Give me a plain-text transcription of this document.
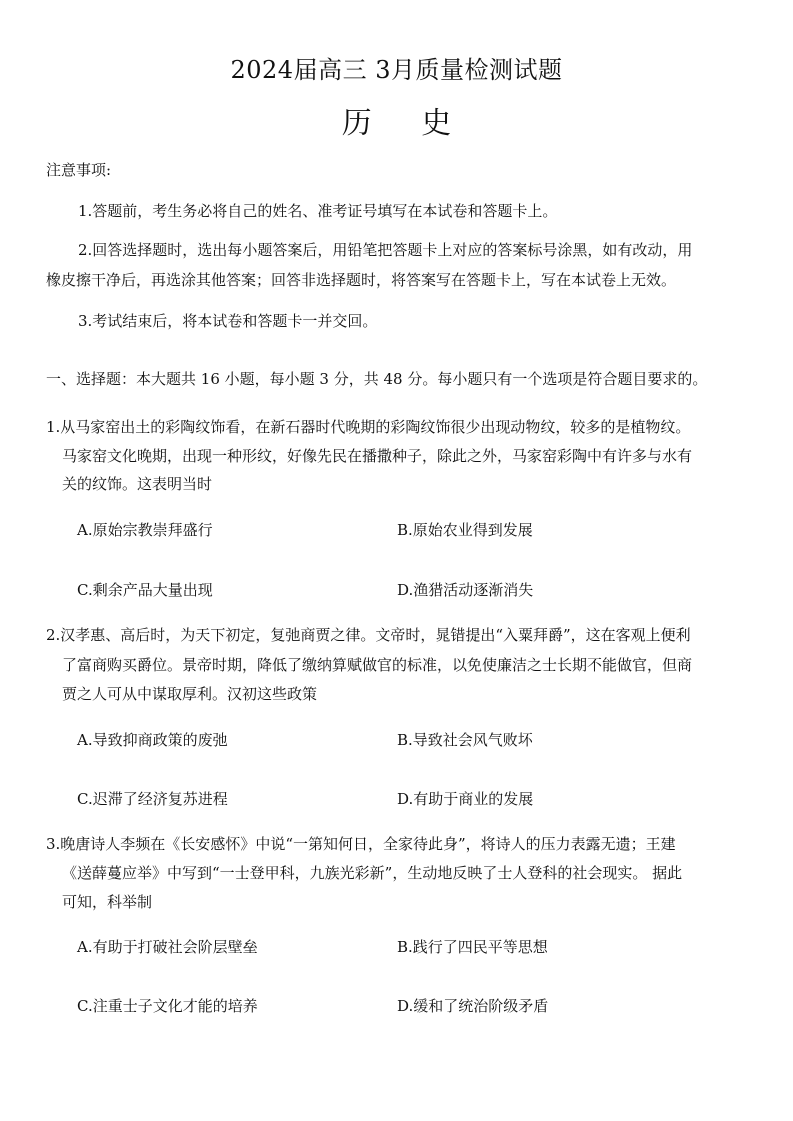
2024届高三 3月质量检测试题
历 史
注意事项:
1.答题前，考生务必将自己的姓名、准考证号填写在本试卷和答题卡上。
2.回答选择题时，选出每小题答案后，用铅笔把答题卡上对应的答案标号涂黑，如有改动，用
橡皮擦干净后，再选涂其他答案；回答非选择题时，将答案写在答题卡上，写在本试卷上无效。
3.考试结束后，将本试卷和答题卡一并交回。
一、选择题：本大题共 16 小题，每小题 3 分，共 48 分。每小题只有一个选项是符合题目要求的。
1.从马家窑出土的彩陶纹饰看，在新石器时代晚期的彩陶纹饰很少出现动物纹，较多的是植物纹。
马家窑文化晚期，出现一种形纹，好像先民在播撒种子，除此之外，马家窑彩陶中有许多与水有
关的纹饰。这表明当时
A.原始宗教崇拜盛行	B.原始农业得到发展
C.剩余产品大量出现	D.渔猎活动逐渐消失
2.汉孝惠、高后时，为天下初定，复弛商贾之律。文帝时，晁错提出“入粟拜爵”，这在客观上便利
了富商购买爵位。景帝时期，降低了缴纳算赋做官的标准，以免使廉洁之士长期不能做官，但商
贾之人可从中谋取厚利。汉初这些政策
A.导致抑商政策的废弛	B.导致社会风气败坏
C.迟滞了经济复苏进程	D.有助于商业的发展
3.晚唐诗人李频在《长安感怀》中说“一第知何日，全家待此身”，将诗人的压力表露无遗；王建
《送薛蔓应举》中写到“一士登甲科，九族光彩新”，生动地反映了士人登科的社会现实。 据此
可知，科举制
A.有助于打破社会阶层壁垒	B.践行了四民平等思想
C.注重士子文化才能的培养	D.缓和了统治阶级矛盾
